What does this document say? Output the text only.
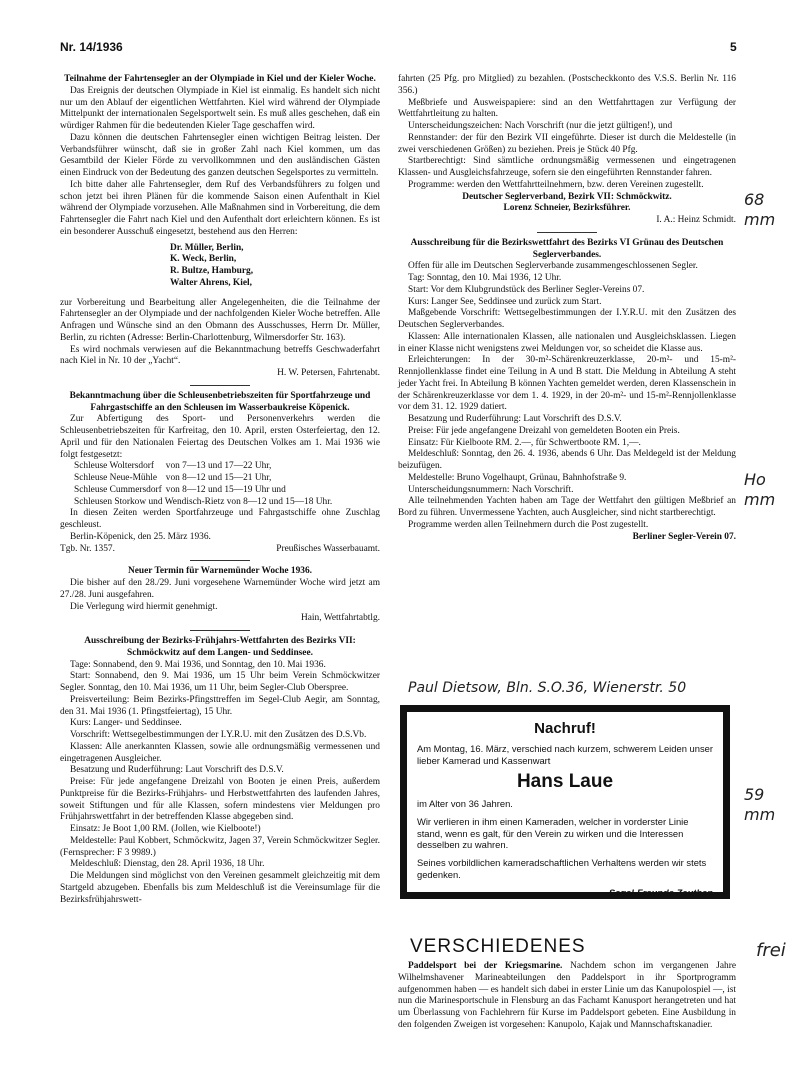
Nr. 14/1936	5

Teilnahme der Fahrtensegler an der Olympiade in Kiel und der Kieler Woche.

Das Ereignis der deutschen Olympiade in Kiel ist einmalig. Es handelt sich nicht nur um den Ablauf der eigentlichen Wettfahrten. Kiel wird während der Olympiade Mittelpunkt der internationalen Segelsportwelt sein. Es muß alles geschehen, daß ein würdiger Rahmen für die bedeutenden Kieler Tage geschaffen wird.

Dazu können die deutschen Fahrtensegler einen wichtigen Beitrag leisten. Der Verbandsführer wünscht, daß sie in großer Zahl nach Kiel kommen, um das Gesamtbild der Kieler Förde zu vervollkommnen und den ausländischen Gästen einen Eindruck von der Bedeutung des ganzen deutschen Segelsportes zu vermitteln.

Ich bitte daher alle Fahrtensegler, dem Ruf des Verbandsführers zu folgen und schon jetzt bei ihren Plänen für die kommende Saison einen Aufenthalt in Kiel während der Olympiade vorzusehen. Alle Maßnahmen sind in Vorbereitung, die dem Fahrtensegler die Fahrt nach Kiel und den Aufenthalt dort erleichtern können. Es ist ein besonderer Ausschuß eingesetzt, bestehend aus den Herren:

Dr. Müller, Berlin,
K. Weck, Berlin,
R. Bultze, Hamburg,
Walter Ahrens, Kiel,

zur Vorbereitung und Bearbeitung aller Angelegenheiten, die die Teilnahme der Fahrtensegler an der Olympiade und der nachfolgenden Kieler Woche betreffen. Alle Anfragen und Wünsche sind an den Obmann des Ausschusses, Herrn Dr. Müller, Berlin, zu richten (Adresse: Berlin-Charlottenburg, Wilmersdorfer Str. 163).

Es wird nochmals verwiesen auf die Bekanntmachung betreffs Geschwaderfahrt nach Kiel in Nr. 10 der „Yacht“.

H. W. Petersen, Fahrtenabt.

Bekanntmachung über die Schleusenbetriebszeiten für Sportfahrzeuge und Fahrgastschiffe an den Schleusen im Wasserbaukreise Köpenick.

Zur Abfertigung des Sport- und Personenverkehrs werden die Schleusenbetriebszeiten für Karfreitag, den 10. April, ersten Osterfeiertag, den 12. April und für den Nationalen Feiertag des Deutschen Volkes am 1. Mai 1936 wie folgt festgesetzt:

Schleuse Woltersdorf	von 7—13 und 17—22 Uhr,
Schleuse Neue-Mühle	von 8—12 und 15—21 Uhr,
Schleuse Cummersdorf	von 8—12 und 15—19 Uhr und

Schleusen Storkow und Wendisch-Rietz von 8—12 und 15—18 Uhr.

In diesen Zeiten werden Sportfahrzeuge und Fahrgastschiffe ohne Zuschlag geschleust.

Berlin-Köpenick, den 25. März 1936.

Tgb. Nr. 1357.	Preußisches Wasserbauamt.

Neuer Termin für Warnemünder Woche 1936.

Die bisher auf den 28./29. Juni vorgesehene Warnemünder Woche wird jetzt am 27./28. Juni ausgefahren.

Die Verlegung wird hiermit genehmigt.

Hain, Wettfahrtabtlg.

Ausschreibung der Bezirks-Frühjahrs-Wettfahrten des Bezirks VII: Schmöckwitz auf dem Langen- und Seddinsee.

Tage: Sonnabend, den 9. Mai 1936, und Sonntag, den 10. Mai 1936.

Start: Sonnabend, den 9. Mai 1936, um 15 Uhr beim Verein Schmöckwitzer Segler. Sonntag, den 10. Mai 1936, um 11 Uhr, beim Segler-Club Oberspree.

Preisverteilung: Beim Bezirks-Pfingsttreffen im Segel-Club Aegir, am Sonntag, den 31. Mai 1936 (1. Pfingstfeiertag), 15 Uhr.

Kurs: Langer- und Seddinsee.

Vorschrift: Wettsegelbestimmungen der I.Y.R.U. mit den Zusätzen des D.S.Vb.

Klassen: Alle anerkannten Klassen, sowie alle ordnungsmäßig vermessenen und eingetragenen Ausgleicher.

Besatzung und Ruderführung: Laut Vorschrift des D.S.V.

Preise: Für jede angefangene Dreizahl von Booten je einen Preis, außerdem Punktpreise für die Bezirks-Frühjahrs- und Herbstwettfahrten des laufenden Jahres, soweit Stiftungen und für alle Klassen, sofern mindestens vier Meldungen pro Frühjahrswettfahrt in der betreffenden Klasse abgegeben sind.

Einsatz: Je Boot 1,00 RM. (Jollen, wie Kielboote!)

Meldestelle: Paul Kobbert, Schmöckwitz, Jagen 37, Verein Schmöckwitzer Segler. (Fernsprecher: F 3 9989.)

Meldeschluß: Dienstag, den 28. April 1936, 18 Uhr.

Die Meldungen sind möglichst von den Vereinen gesammelt gleichzeitig mit dem Startgeld abzugeben. Ebenfalls bis zum Meldeschluß ist die Vereinsumlage für die Bezirksfrühjahrswett-

fahrten (25 Pfg. pro Mitglied) zu bezahlen. (Postscheckkonto des V.S.S. Berlin Nr. 116 356.)

Meßbriefe und Ausweispapiere: sind an den Wettfahrttagen zur Verfügung der Wettfahrtleitung zu halten.

Unterscheidungszeichen: Nach Vorschrift (nur die jetzt gültigen!), und

Rennstander: der für den Bezirk VII eingeführte. Dieser ist durch die Meldestelle (in zwei verschiedenen Größen) zu beziehen. Preis je Stück 40 Pfg.

Startberechtigt: Sind sämtliche ordnungsmäßig vermessenen und eingetragenen Klassen- und Ausgleichsfahrzeuge, sofern sie den eingeführten Rennstander fahren.

Programme: werden den Wettfahrtteilnehmern, bzw. deren Vereinen zugestellt.

Deutscher Seglerverband, Bezirk VII: Schmöckwitz.

Lorenz Schneier, Bezirksführer.

I. A.: Heinz Schmidt.

Ausschreibung für die Bezirkswettfahrt des Bezirks VI Grünau des Deutschen Seglerverbandes.

Offen für alle im Deutschen Seglerverbande zusammengeschlossenen Segler.

Tag: Sonntag, den 10. Mai 1936, 12 Uhr.

Start: Vor dem Klubgrundstück des Berliner Segler-Vereins 07.

Kurs: Langer See, Seddinsee und zurück zum Start.

Maßgebende Vorschrift: Wettsegelbestimmungen der I.Y.R.U. mit den Zusätzen des Deutschen Seglerverbandes.

Klassen: Alle internationalen Klassen, alle nationalen und Ausgleichsklassen. Liegen in einer Klasse nicht wenigstens zwei Meldungen vor, so scheidet die Klasse aus.

Erleichterungen: In der 30-m²-Schärenkreuzerklasse, 20-m²- und 15-m²-Rennjollenklasse findet eine Teilung in A und B statt. Die Meldung in Abteilung A steht jeder Yacht frei. In Abteilung B können Yachten gemeldet werden, deren Klassenschein in der Schärenkreuzerklasse vor dem 1. 4. 1929, in der 20-m²- und 15-m²-Rennjollenklasse vor dem 31. 12. 1929 datiert.

Besatzung und Ruderführung: Laut Vorschrift des D.S.V.

Preise: Für jede angefangene Dreizahl von gemeldeten Booten ein Preis.

Einsatz: Für Kielboote RM. 2.—, für Schwertboote RM. 1,—.

Meldeschluß: Sonntag, den 26. 4. 1936, abends 6 Uhr. Das Meldegeld ist der Meldung beizufügen.

Meldestelle: Bruno Vogelhaupt, Grünau, Bahnhofstraße 9.

Unterscheidungsnummern: Nach Vorschrift.

Alle teilnehmenden Yachten haben am Tage der Wettfahrt den gültigen Meßbrief an Bord zu führen. Unvermessene Yachten, auch Ausgleicher, sind nicht startberechtigt.

Programme werden allen Teilnehmern durch die Post zugestellt.

Berliner Segler-Verein 07.

Paul Dietsow, Bln. S.O.36, Wienerstr. 50
Nachruf!

Am Montag, 16. März, verschied nach kurzem, schwerem Leiden unser lieber Kamerad und Kassenwart

Hans Laue

im Alter von 36 Jahren.

Wir verlieren in ihm einen Kameraden, welcher in vorderster Linie stand, wenn es galt, für den Verein zu wirken und die Interessen desselben zu wahren.

Seines vorbildlichen kameradschaftlichen Verhaltens werden wir stets gedenken.

Segel-Freunde Zeuthen
VERSCHIEDENES

Paddelsport bei der Kriegsmarine. Nachdem schon im vergangenen Jahre Wilhelmshavener Marineabteilungen den Paddelsport in ihr Sportprogramm aufgenommen haben — es handelt sich dabei in erster Linie um das Kanupolospiel —, ist nun die Marinesportschule in Flensburg an das Fachamt Kanusport herangetreten und hat um Überlassung von Fachlehrern für Kurse im Paddelsport gebeten. Eine Ausbildung in den folgenden Zweigen ist vorgesehen: Kanupolo, Kajak und Mannschaftskanadier.

68 mm
Ho mm
59 mm
frei
